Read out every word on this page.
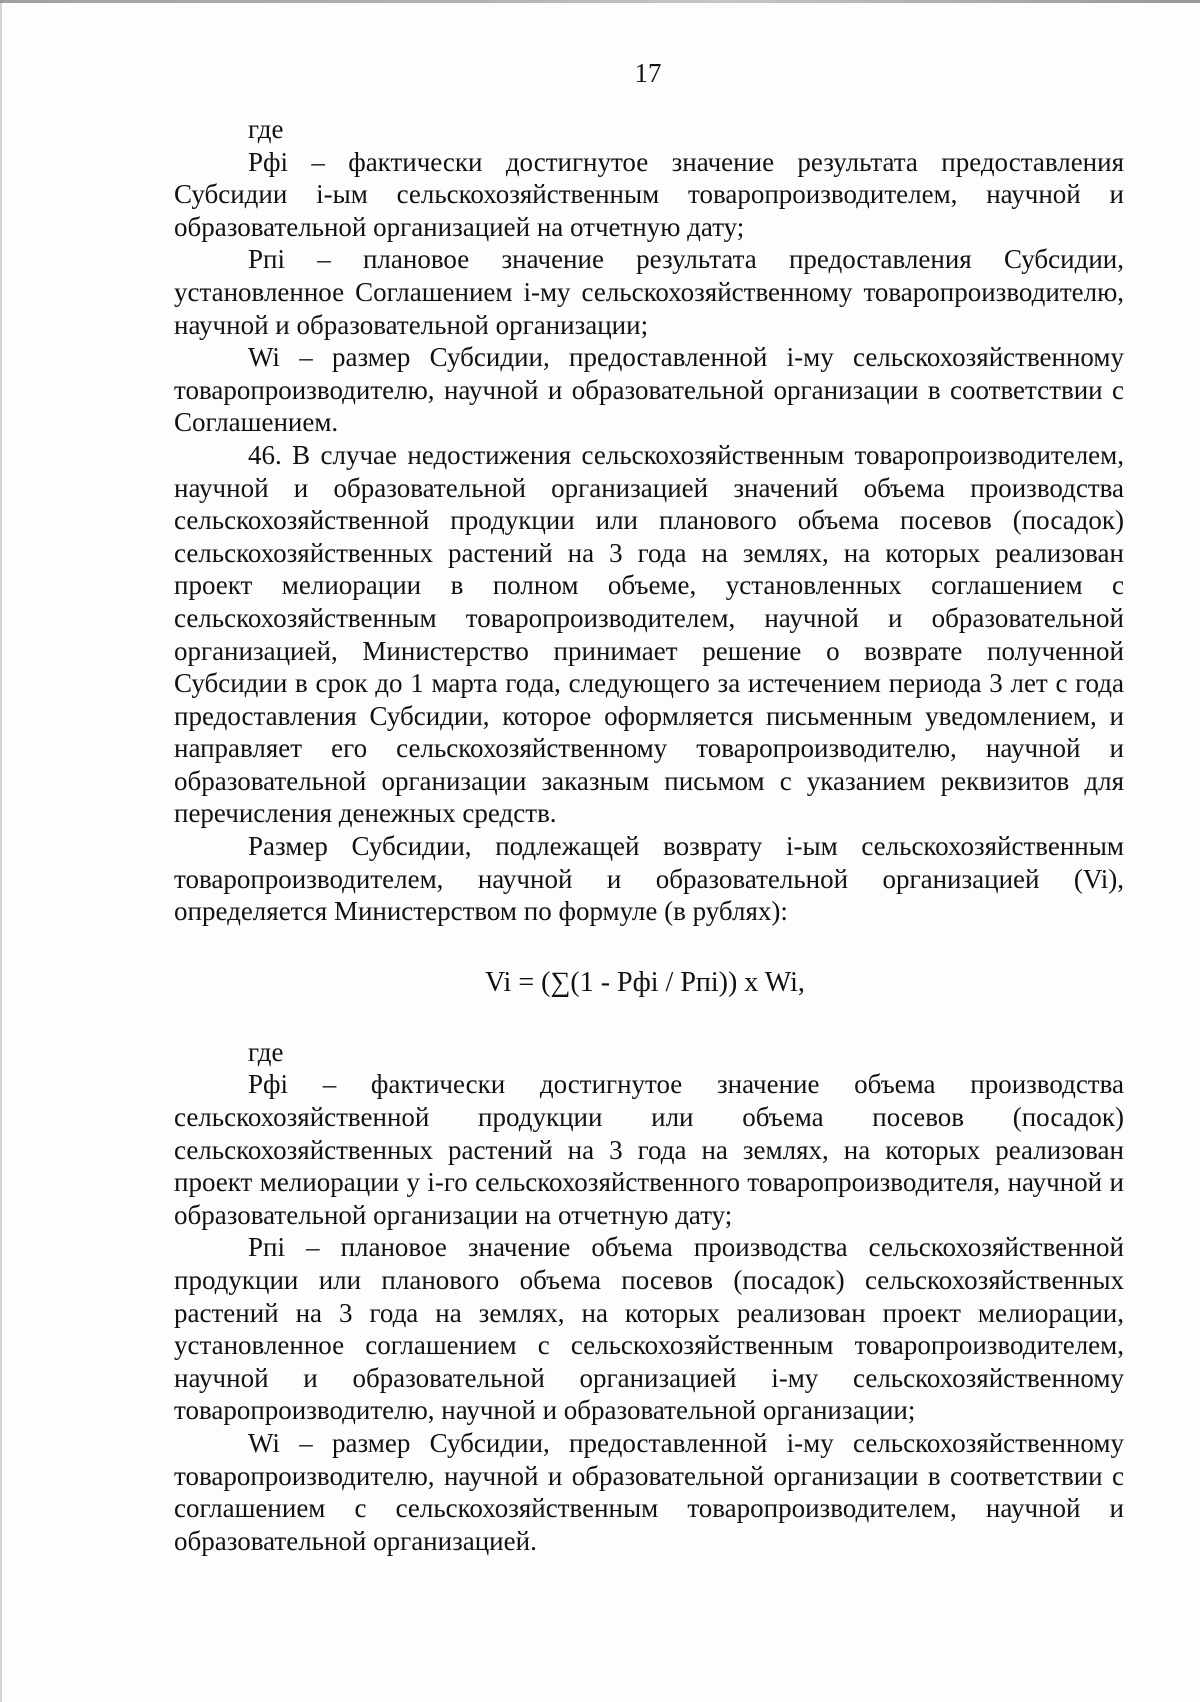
17

где

Рфi – фактически достигнутое значение результата предоставления Субсидии i-ым сельскохозяйственным товаропроизводителем, научной и образовательной организацией на отчетную дату;

Рпi – плановое значение результата предоставления Субсидии, установленное Соглашением i-му сельскохозяйственному товаропроизводителю, научной и образовательной организации;

Wi – размер Субсидии, предоставленной i-му сельскохозяйственному товаропроизводителю, научной и образовательной организации в соответствии с Соглашением.

46. В случае недостижения сельскохозяйственным товаропроизводителем, научной и образовательной организацией значений объема производства сельскохозяйственной продукции или планового объема посевов (посадок) сельскохозяйственных растений на 3 года на землях, на которых реализован проект мелиорации в полном объеме, установленных соглашением с сельскохозяйственным товаропроизводителем, научной и образовательной организацией, Министерство принимает решение о возврате полученной Субсидии в срок до 1 марта года, следующего за истечением периода 3 лет с года предоставления Субсидии, которое оформляется письменным уведомлением, и направляет его сельскохозяйственному товаропроизводителю, научной и образовательной организации заказным письмом с указанием реквизитов для перечисления денежных средств.

Размер Субсидии, подлежащей возврату i-ым сельскохозяйственным товаропроизводителем, научной и образовательной организацией (Vi), определяется Министерством по формуле (в рублях):

Vi = (∑(1 - Рфi / Рпi)) x Wi,

где

Рфi – фактически достигнутое значение объема производства сельскохозяйственной продукции или объема посевов (посадок) сельскохозяйственных растений на 3 года на землях, на которых реализован проект мелиорации у i-го сельскохозяйственного товаропроизводителя, научной и образовательной организации на отчетную дату;

Рпi – плановое значение объема производства сельскохозяйственной продукции или планового объема посевов (посадок) сельскохозяйственных растений на 3 года на землях, на которых реализован проект мелиорации, установленное соглашением с сельскохозяйственным товаропроизводителем, научной и образовательной организацией i-му сельскохозяйственному товаропроизводителю, научной и образовательной организации;

Wi – размер Субсидии, предоставленной i-му сельскохозяйственному товаропроизводителю, научной и образовательной организации в соответствии с соглашением с сельскохозяйственным товаропроизводителем, научной и образовательной организацией.
